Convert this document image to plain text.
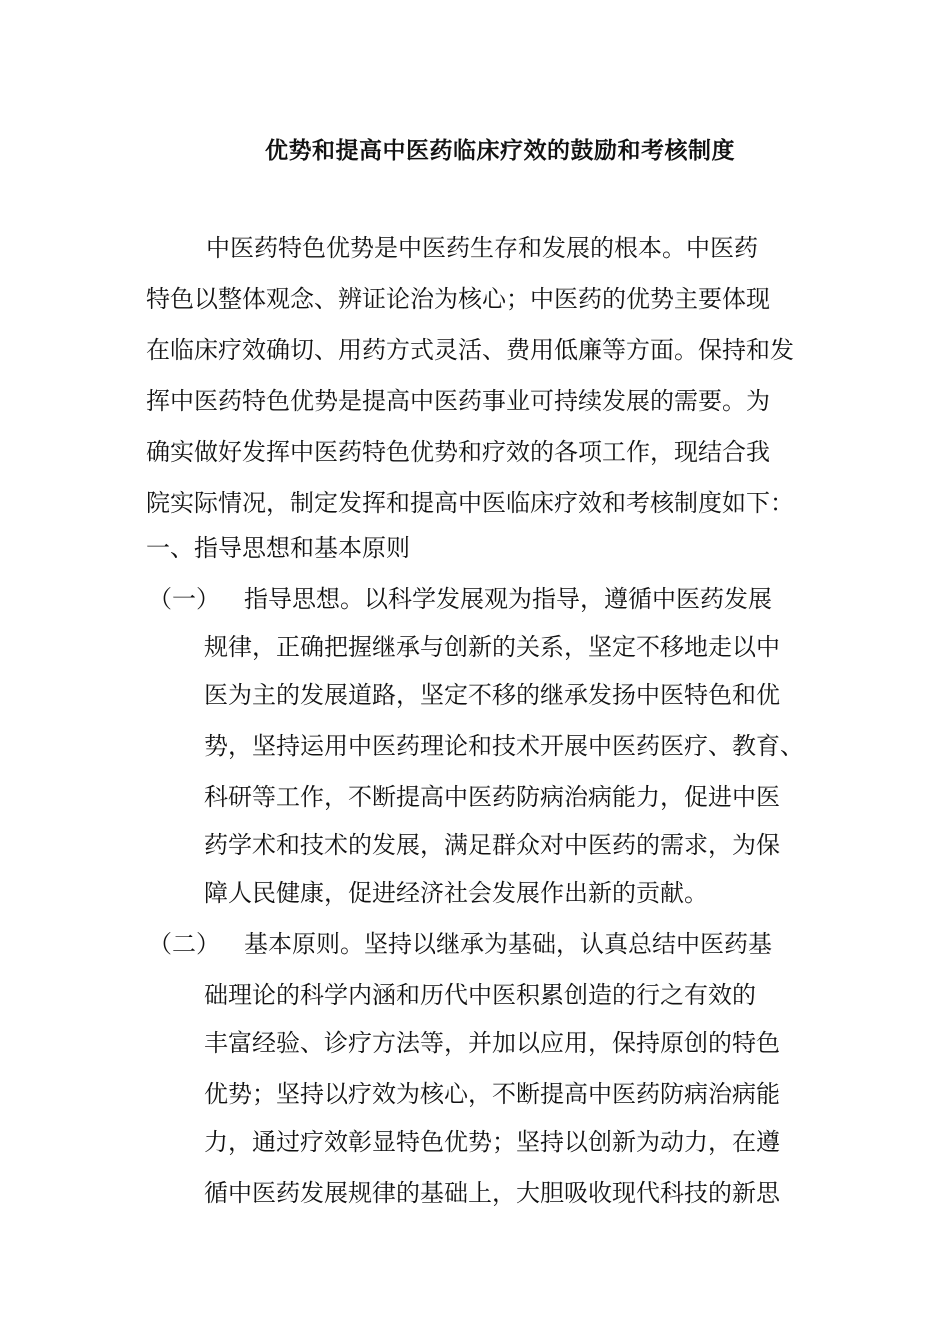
优势和提高中医药临床疗效的鼓励和考核制度
中医药特色优势是中医药生存和发展的根本。中医药
特色以整体观念、辨证论治为核心；中医药的优势主要体现
在临床疗效确切、用药方式灵活、费用低廉等方面。保持和发
挥中医药特色优势是提高中医药事业可持续发展的需要。为
确实做好发挥中医药特色优势和疗效的各项工作，现结合我
院实际情况，制定发挥和提高中医临床疗效和考核制度如下：
一、指导思想和基本原则
（一） 指导思想。以科学发展观为指导，遵循中医药发展
规律，正确把握继承与创新的关系，坚定不移地走以中
医为主的发展道路，坚定不移的继承发扬中医特色和优
势，坚持运用中医药理论和技术开展中医药医疗、教育、
科研等工作，不断提高中医药防病治病能力，促进中医
药学术和技术的发展，满足群众对中医药的需求，为保
障人民健康，促进经济社会发展作出新的贡献。
（二） 基本原则。坚持以继承为基础，认真总结中医药基
础理论的科学内涵和历代中医积累创造的行之有效的
丰富经验、诊疗方法等，并加以应用，保持原创的特色
优势；坚持以疗效为核心，不断提高中医药防病治病能
力，通过疗效彰显特色优势；坚持以创新为动力，在遵
循中医药发展规律的基础上，大胆吸收现代科技的新思
